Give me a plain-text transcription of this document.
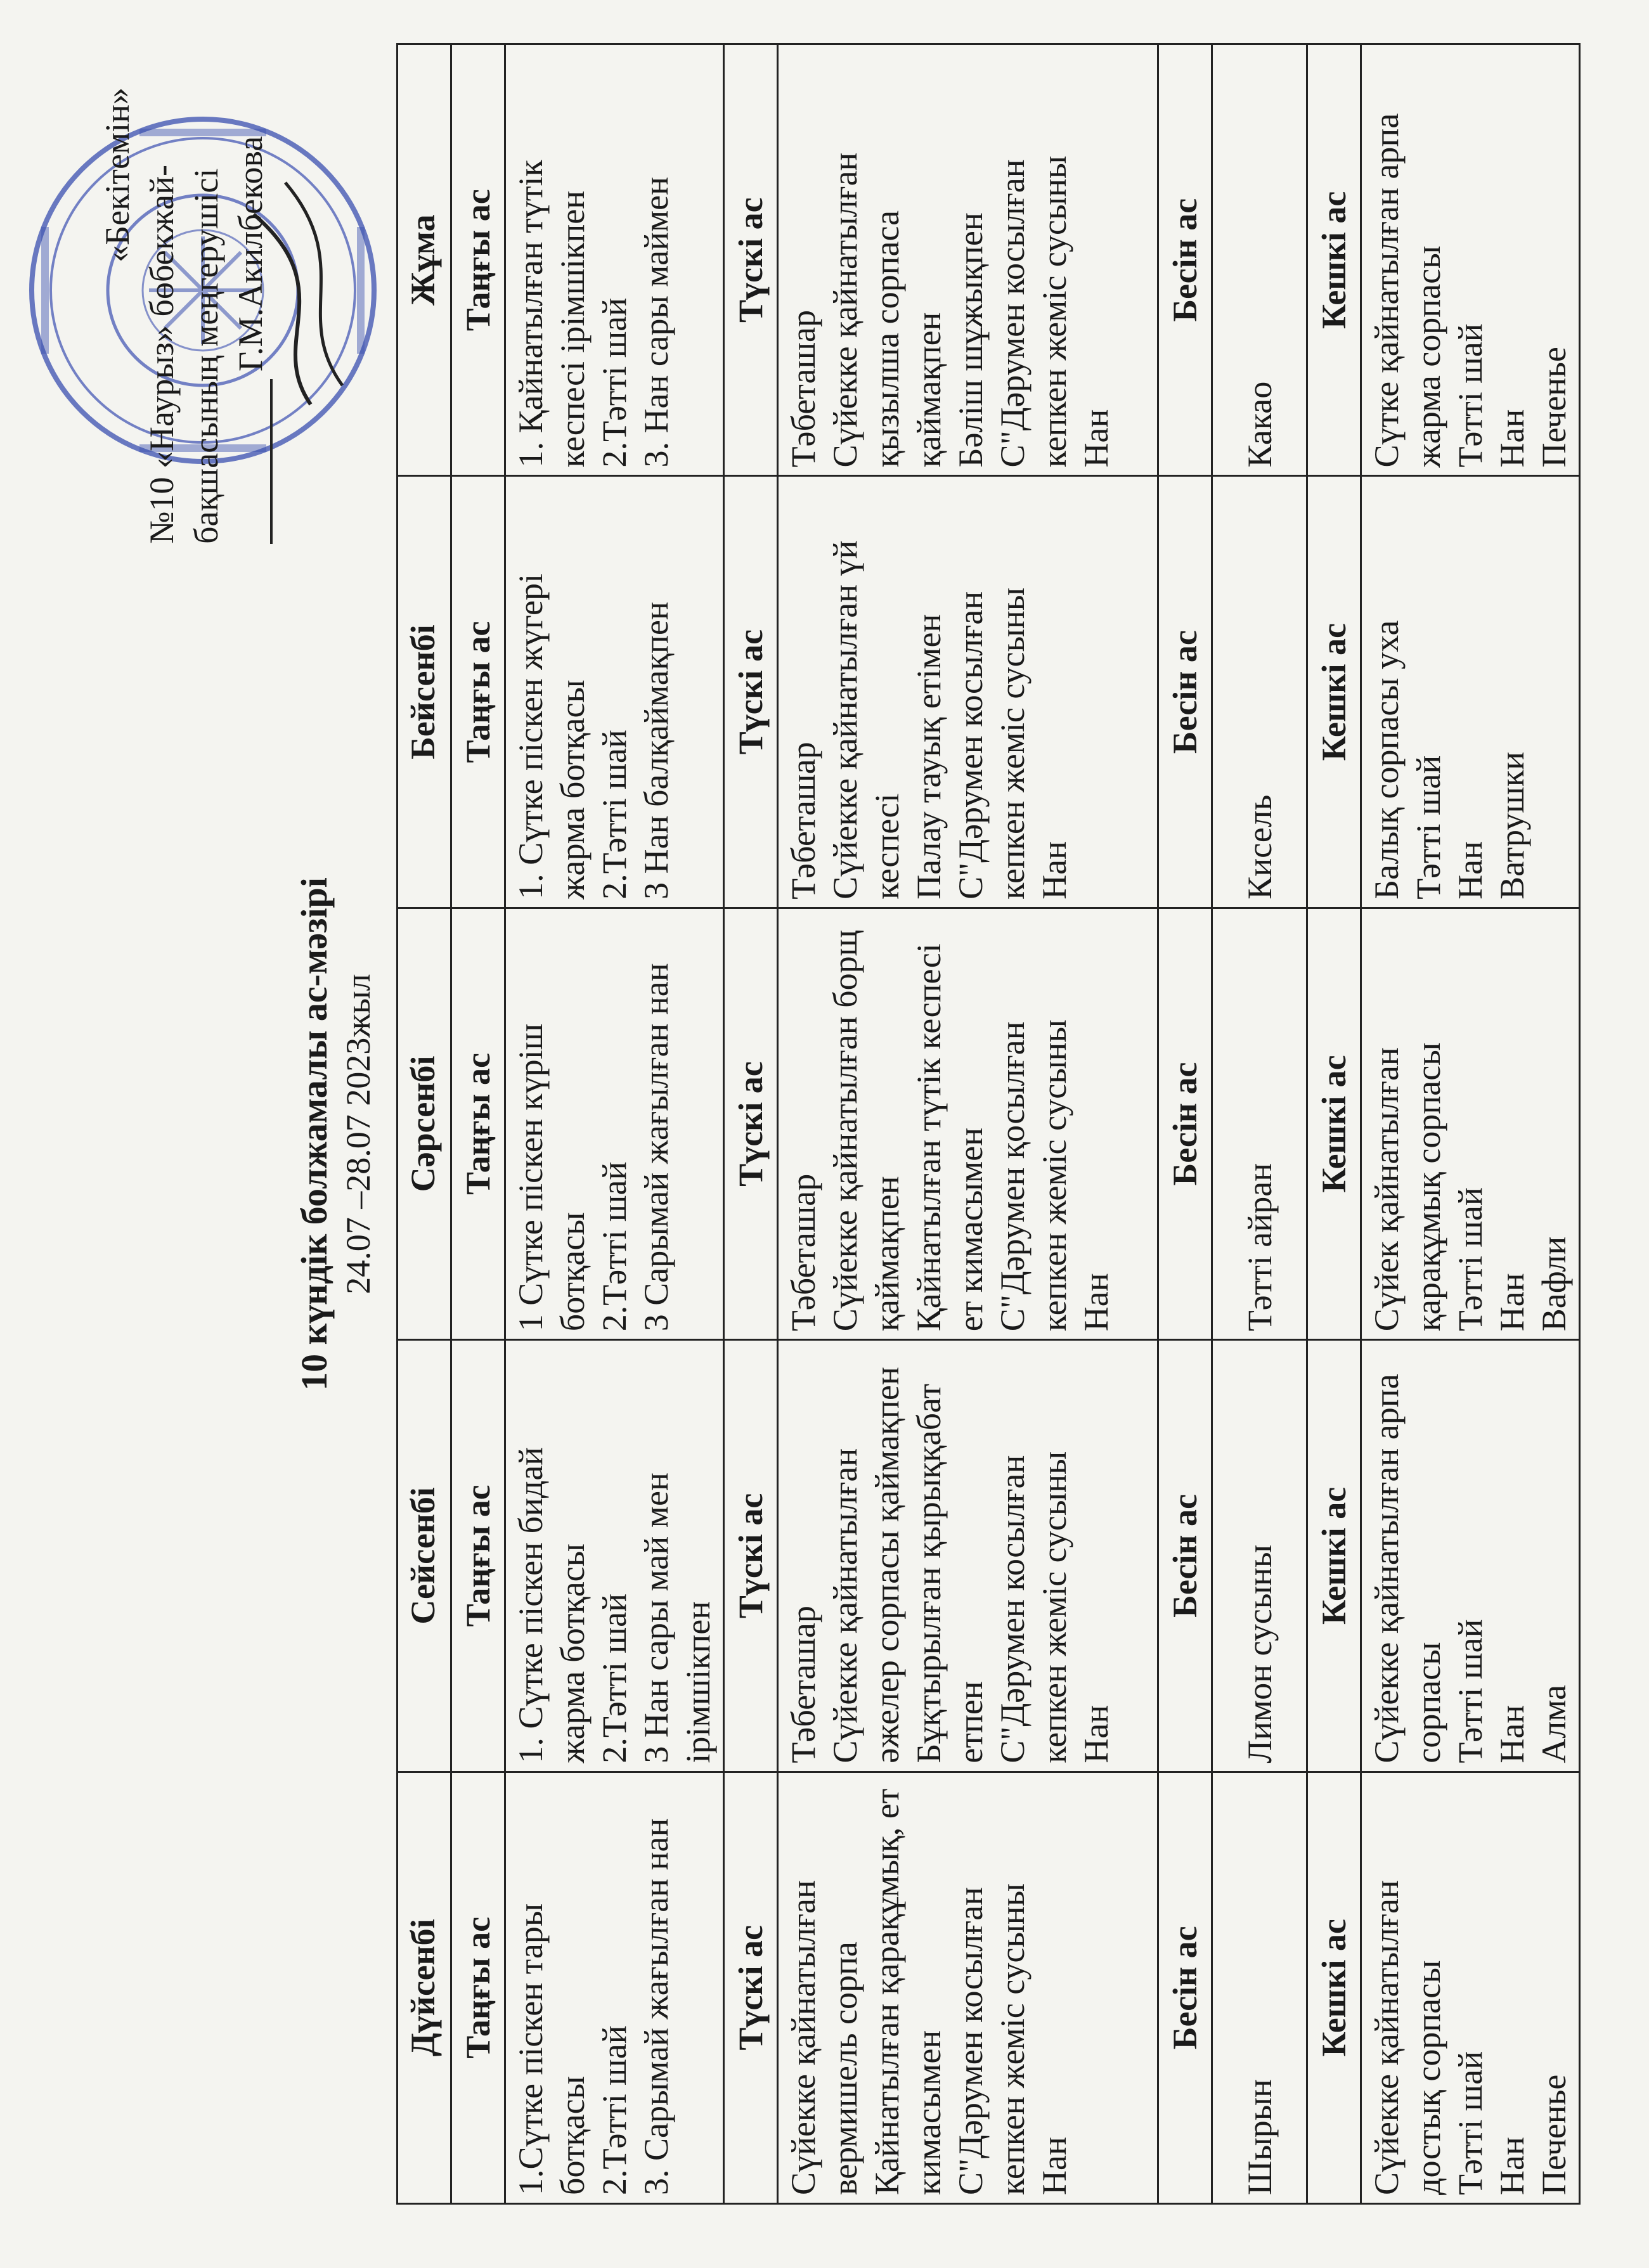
«Бекітемін» №10 «Наурыз» бөбекжай- бақшасының меңгерушісі Г.М.Акилбекова
10 күндік болжамалы ас-мәзірі 24.07 –28.07 2023жыл
Дүйсенбі	Сейсенбі	Сәрсенбі	Бейсенбі	Жұма
Таңғы ас	Таңғы ас	Таңғы ас	Таңғы ас	Таңғы ас

1.Сүтке піскен тары ботқасы 2.Тәтті шай 3. Сарымай жағылған нан	1. Сүтке піскен бидай жарма ботқасы 2.Тәтті шай 3 Нан сары май мен ірімшікпен	1 Сүтке піскен күріш ботқасы 2.Тәтті шай 3 Сарымай жағылған нан	1. Сүтке піскен жүгері жарма ботқасы 2.Тәтті шай 3 Нан балқаймақпен	1. Қайнатылған түтік кеспесі ірімшікпен 2.Тәтті шай 3. Нан сары маймен

Түскі ас	Түскі ас	Түскі ас	Түскі ас	Түскі ас

Сүйекке қайнатылған вермишель сорпа Қайнатылған қарақұмық, ет кимасымен С"Дәрумен косылған кепкен жеміс сусыны Нан	Тәбеташар Сүйекке қайнатылған әжелер сорпасы қаймақпен Бұқтырылған қырыққабат етпен С"Дәрумен косылған кепкен жеміс сусыны Нан	Тәбеташар Сүйекке қайнатылған борщ қаймақпен Қайнатылған түтік кеспесі ет кимасымен С"Дәрумен қосылған кепкен жеміс сусыны Нан	Тәбеташар Сүйекке қайнатылған үй кеспесі Палау тауық етімен С"Дәрумен косылған кепкен жеміс сусыны Нан	Тәбеташар Сүйекке қайнатылған қызылша сорпаса қаймақпен Бәліш шұжықпен С"Дәрумен косылған кепкен жеміс сусыны Нан

Бесін ас	Бесін ас	Бесін ас	Бесін ас	Бесін ас
Шырын	Лимон сусыны	Тәтті айран	Кисель	Какао
Кешкі ас	Кешкі ас	Кешкі ас	Кешкі ас	Кешкі ас

Сүйекке қайнатылған достық сорпасы Тәтті шай Нан Печенье	Сүйекке қайнатылған арпа сорпасы Тәтті шай Нан Алма	Сүйек қайнатылған қарақұмық сорпасы Тәтті шай Нан Вафли	Балық сорпасы уха Тәтті шай Нан Ватрушки	Сүтке қайнатылған арпа жарма сорпасы Тәтті шай Нан Печенье
